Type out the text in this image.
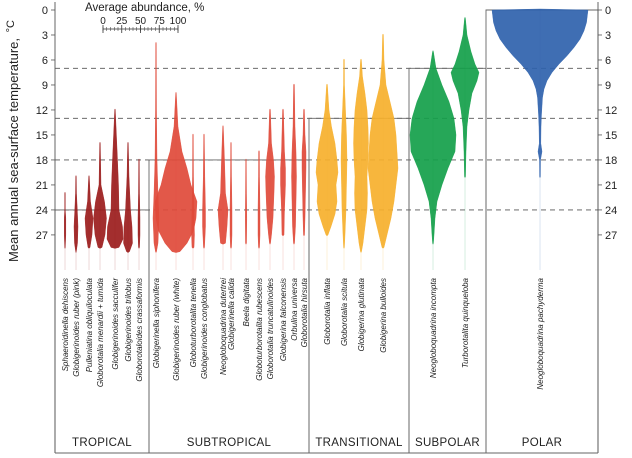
Mean annual sea-surface temperature, $^{^\circ C}$
0	0
3	3
6	6
9	9
12	12
15	15
18	18
21	21
24	24
27	27
Sphaeroidinella dehiscens Globigerinoides ruber (pink) Pulleniatina obliquiloculata Globorotalia menardii + tumida Globigerinoides sacculifer Globigerinoides trilobus Globorotaloides crassaformis Globigerinella siphonifera Globigerinoides ruber (white) Globoturborotalita tenella Globigerinoides conglobatus Neogloboquadrina dutertrei Globigerinella calida Beela digitata Globoturborotalita rubescens Globorotalia truncatulinoides Globigerina falconensis Orbulina universa Globorotalia hirsuta Globorotalia inflata Globorotalia scitula Globigerina glutinata Globigerina bulloides	Neogloboquadrina incompta	Turborotalita quinqueloba	Neogloboquadrina pachyderma
TROPICAL	SUBTROPICAL	TRANSITIONAL SUBPOLAR	POLAR
Average abundance, %
0 25 50 75 100
